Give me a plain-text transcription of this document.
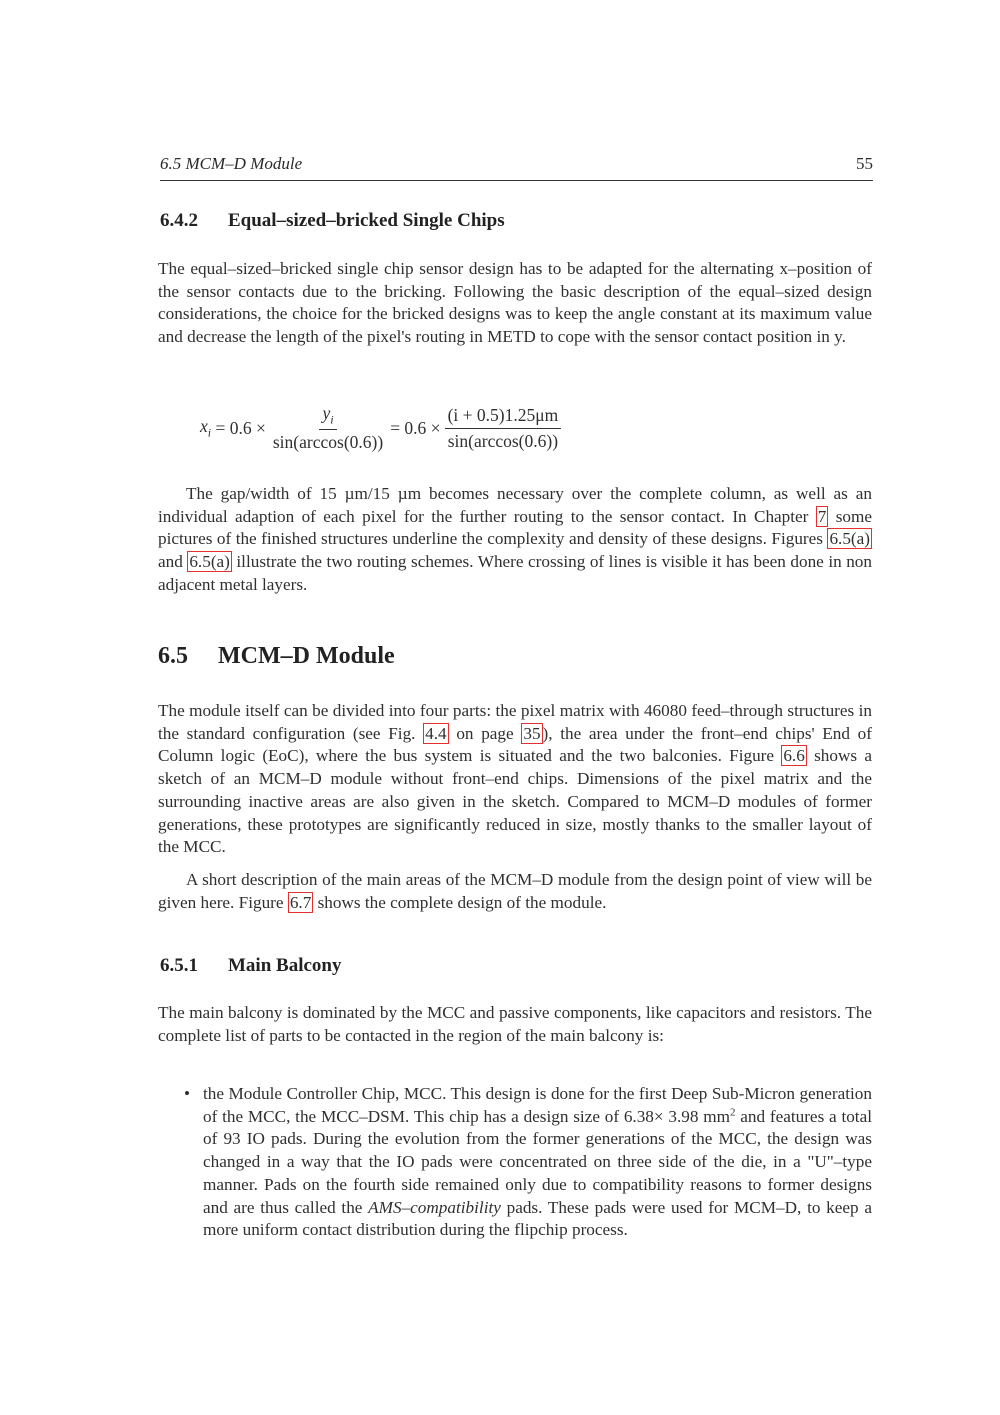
6.5 MCM–D Module	55
6.4.2 Equal–sized–bricked Single Chips

The equal–sized–bricked single chip sensor design has to be adapted for the alternating x–position of the sensor contacts due to the bricking. Following the basic description of the equal–sized design considerations, the choice for the bricked designs was to keep the angle constant at its maximum value and decrease the length of the pixel's routing in METD to cope with the sensor contact position in y.

$x_i$
= $0.6 \times \frac{y_i}{\sin(\arccos(0.6))} = 0.6 \times \frac{(i + 0.5)1.25\mu m}{\sin(\arccos(0.6))}$

The gap/width of 15 µm/15 µm becomes necessary over the complete column, as well as an individual adaption of each pixel for the further routing to the sensor contact. In Chapter 7 some pictures of the finished structures underline the complexity and density of these designs. Figures 6.5(a) and 6.5(a) illustrate the two routing schemes. Where crossing of lines is visible it has been done in non adjacent metal layers.

6.5 MCM–D Module

The module itself can be divided into four parts: the pixel matrix with 46080 feed–through structures in the standard configuration (see Fig. 4.4 on page 35 ), the area under the front–end chips' End of Column logic (EoC), where the bus system is situated and the two balconies. Figure 6.6 shows a sketch of an MCM–D module without front–end chips. Dimensions of the pixel matrix and the surrounding inactive areas are also given in the sketch. Compared to MCM–D modules of former generations, these prototypes are significantly reduced in size, mostly thanks to the smaller layout of the MCC.

A short description of the main areas of the MCM–D module from the design point of view will be given here. Figure 6.7 shows the complete design of the module.

6.5.1 Main Balcony

The main balcony is dominated by the MCC and passive components, like capacitors and resistors. The complete list of parts to be contacted in the region of the main balcony is:

• the Module Controller Chip, MCC. This design is done for the first Deep Sub-Micron generation of the MCC, the MCC–DSM. This chip has a design size of 6.38× 3.98 $mm^2$ and features a total of 93 IO pads. During the evolution from the former generations of the MCC, the design was changed in a way that the IO pads were concentrated on three side of the die, in a "U"–type manner. Pads on the fourth side remained only due to compatibility reasons to former designs and are thus called the AMS–compatibility pads. These pads were used for MCM–D, to keep a more uniform contact distribution during the flipchip process.
